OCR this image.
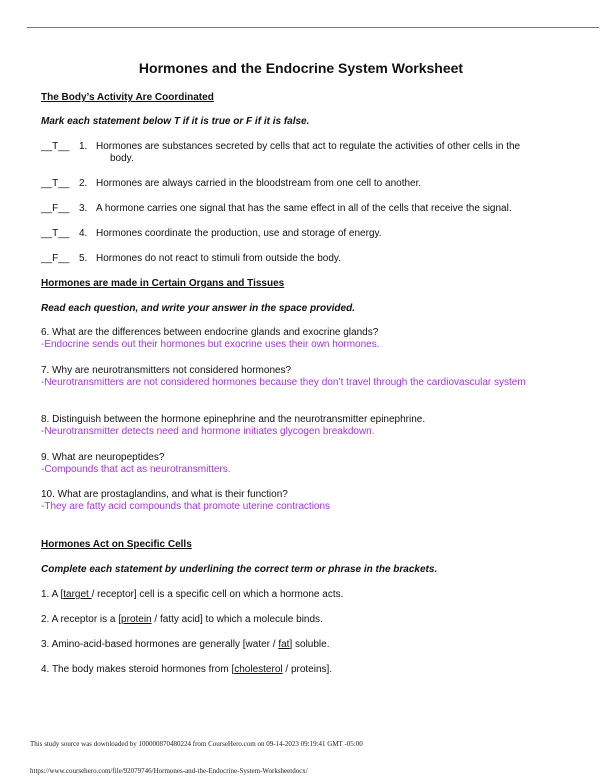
Hormones and the Endocrine System Worksheet
The Body’s Activity Are Coordinated
Mark each statement below T if it is true or F if it is false.
__T__ 1. Hormones are substances secreted by cells that act to regulate the activities of other cells in the
body.
__T__ 2. Hormones are always carried in the bloodstream from one cell to another.
__F__ 3. A hormone carries one signal that has the same effect in all of the cells that receive the signal.
__T__ 4. Hormones coordinate the production, use and storage of energy.
__F__ 5. Hormones do not react to stimuli from outside the body.
Hormones are made in Certain Organs and Tissues
Read each question, and write your answer in the space provided.
6. What are the differences between endocrine glands and exocrine glands?
-Endocrine sends out their hormones but exocrine uses their own hormones.
7. Why are neurotransmitters not considered hormones?
-Neurotransmitters are not considered hormones because they don’t travel through the cardiovascular system
8. Distinguish between the hormone epinephrine and the neurotransmitter epinephrine.
-Neurotransmitter detects need and hormone initiates glycogen breakdown.
9. What are neuropeptides?
-Compounds that act as neurotransmitters.
10. What are prostaglandins, and what is their function?
-They are fatty acid compounds that promote uterine contractions
Hormones Act on Specific Cells
Complete each statement by underlining the correct term or phrase in the brackets.
1. A [target / receptor] cell is a specific cell on which a hormone acts.
2. A receptor is a [protein / fatty acid] to which a molecule binds.
3. Amino-acid-based hormones are generally [water / fat] soluble.
4. The body makes steroid hormones from [cholesterol / proteins].
This study source was downloaded by 100000870480224 from CourseHero.com on 09-14-2023 09:19:41 GMT -05:00
https://www.coursehero.com/file/92079746/Hormones-and-the-Endocrine-System-Worksheetdocx/
